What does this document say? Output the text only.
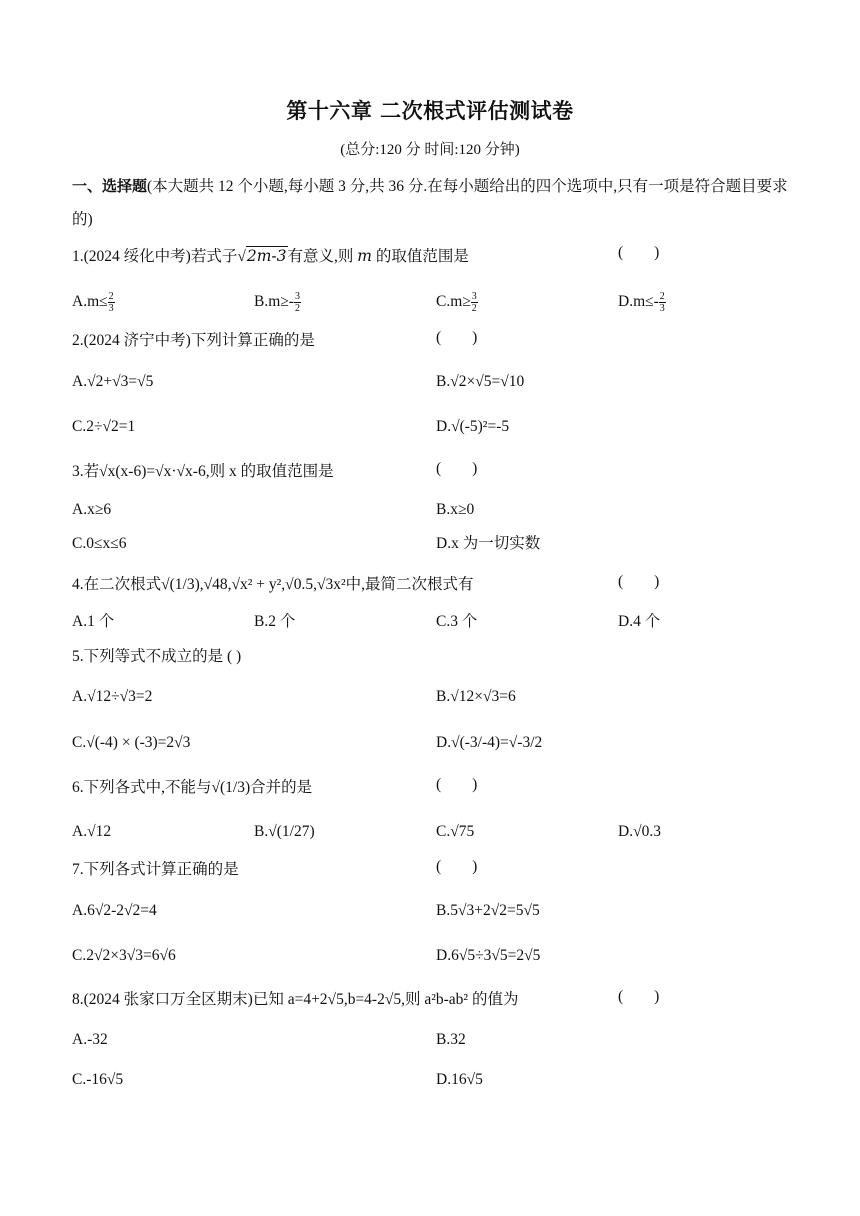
第十六章 二次根式评估测试卷
(总分:120 分 时间:120 分钟)
一、选择题(本大题共 12 个小题,每小题 3 分,共 36 分.在每小题给出的四个选项中,只有一项是符合题目要求的)
1.(2024 绥化中考)若式子√2m-3有意义,则 m 的取值范围是	(        )
$A.m\le \frac{2}{3}$	$B.m\ge- \frac{3}{2}$	$C.m\ge \frac{3}{2}$	$D.m\le- \frac{2}{3}$
2.(2024 济宁中考)下列计算正确的是	(        )
A.√2+√3=√5	B.√2×√5=√10
C.2÷√2=1	D.√(-5)²=-5
3.若√x(x-6)=√x·√x-6,则 x 的取值范围是	(        )
A.x≥6	B.x≥0
C.0≤x≤6	D.x 为一切实数
4.在二次根式√(1/3),√48,√x² + y²,√0.5,√3x²中,最简二次根式有	(        )
A.1 个	B.2 个	C.3 个	D.4 个
5.下列等式不成立的是 ( )
A.√12÷√3=2	B.√12×√3=6
C.√(-4) × (-3)=2√3	D.√(-3/-4)=√-3/2
6.下列各式中,不能与√(1/3)合并的是	(        )
A.√12	B.√(1/27)	C.√75	D.√0.3
7.下列各式计算正确的是	(        )
A.6√2-2√2=4	B.5√3+2√2=5√5
C.2√2×3√3=6√6	D.6√5÷3√5=2√5
8.(2024 张家口万全区期末)已知 a=4+2√5,b=4-2√5,则 a²b-ab² 的值为	(        )
A.-32	B.32
C.-16√5	D.16√5
